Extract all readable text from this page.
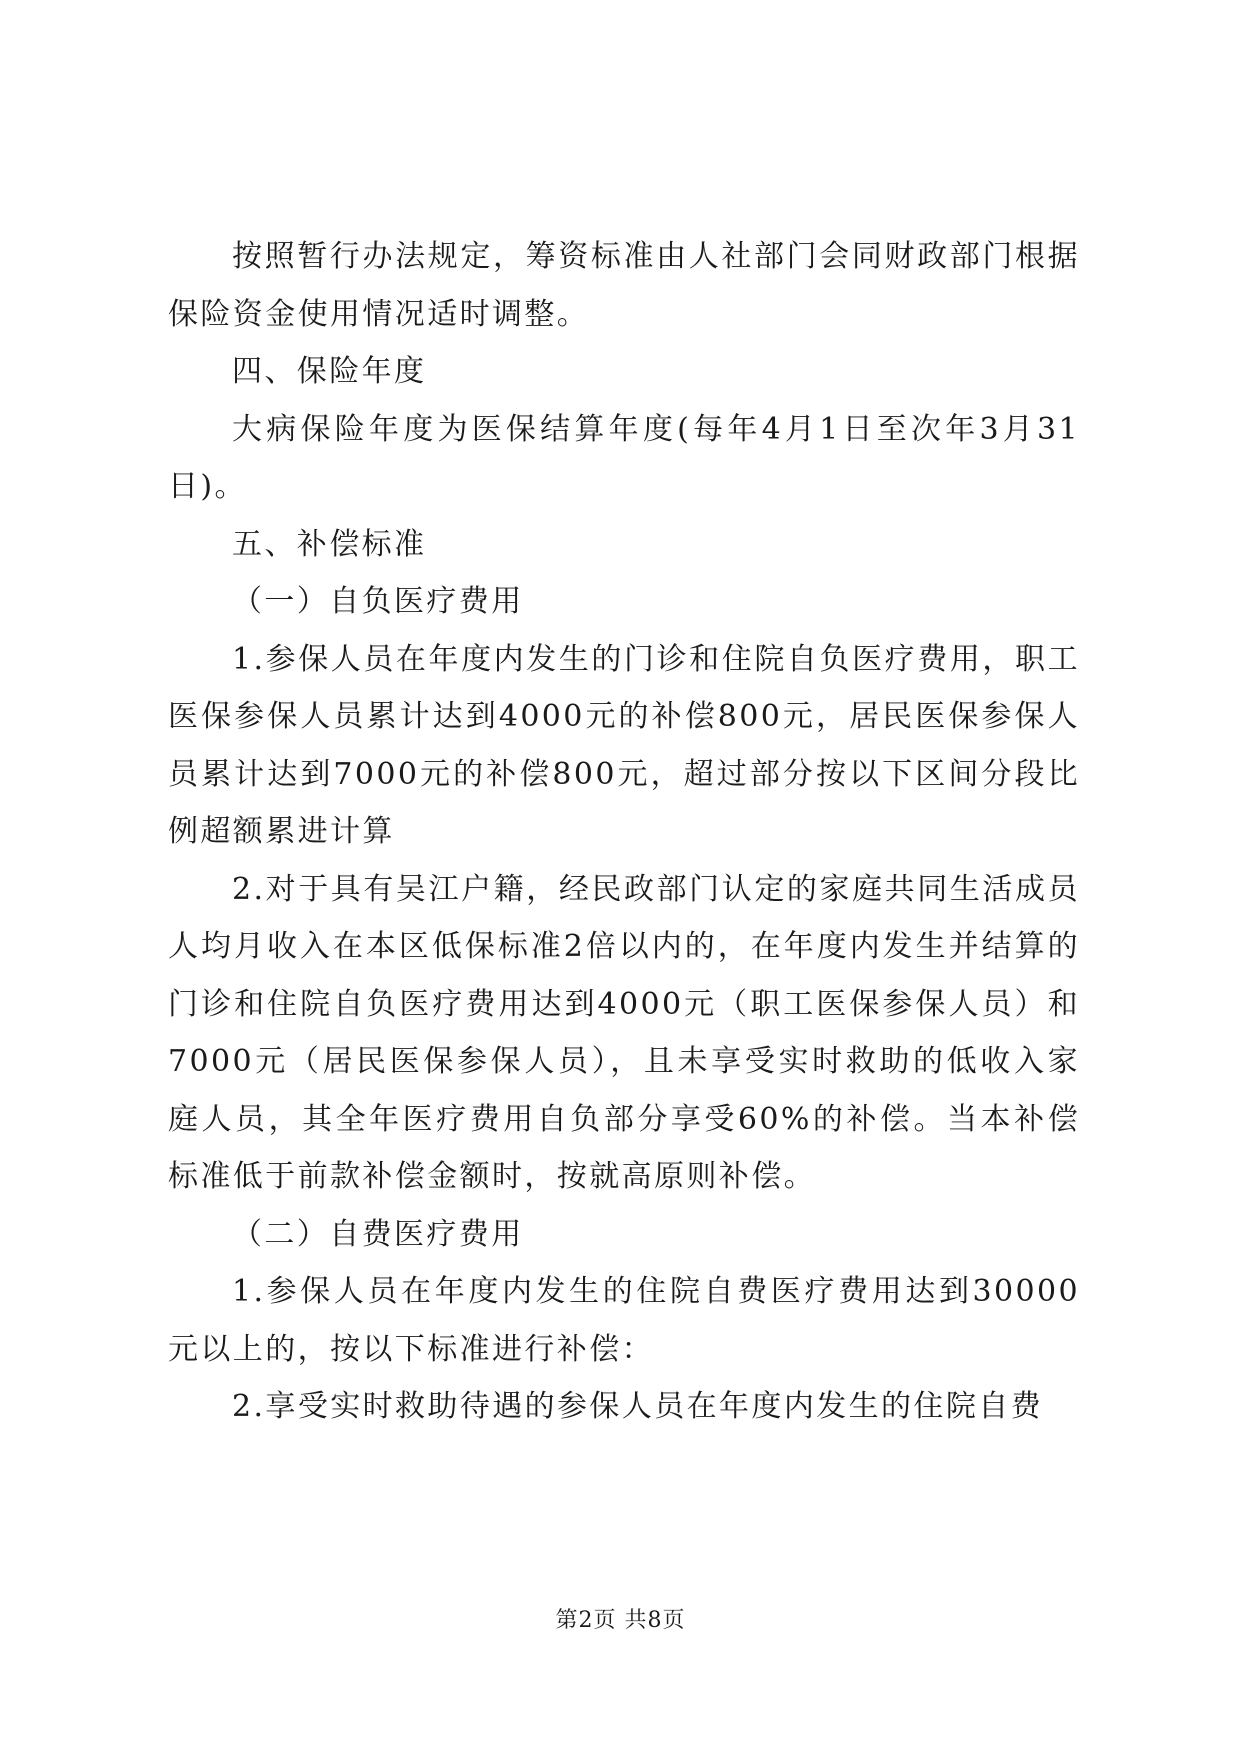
按照暂行办法规定，筹资标准由人社部门会同财政部门根据保险资金使用情况适时调整。

四、保险年度

大病保险年度为医保结算年度(每年4月1日至次年3月31日)。

五、补偿标准

（一）自负医疗费用

1.参保人员在年度内发生的门诊和住院自负医疗费用，职工医保参保人员累计达到4000元的补偿800元，居民医保参保人员累计达到7000元的补偿800元，超过部分按以下区间分段比例超额累进计算

2.对于具有吴江户籍，经民政部门认定的家庭共同生活成员人均月收入在本区低保标准2倍以内的，在年度内发生并结算的门诊和住院自负医疗费用达到4000元（职工医保参保人员）和7000元（居民医保参保人员），且未享受实时救助的低收入家庭人员，其全年医疗费用自负部分享受60%的补偿。当本补偿标准低于前款补偿金额时，按就高原则补偿。

（二）自费医疗费用

1.参保人员在年度内发生的住院自费医疗费用达到30000元以上的，按以下标准进行补偿：

2.享受实时救助待遇的参保人员在年度内发生的住院自费

第2页 共8页
